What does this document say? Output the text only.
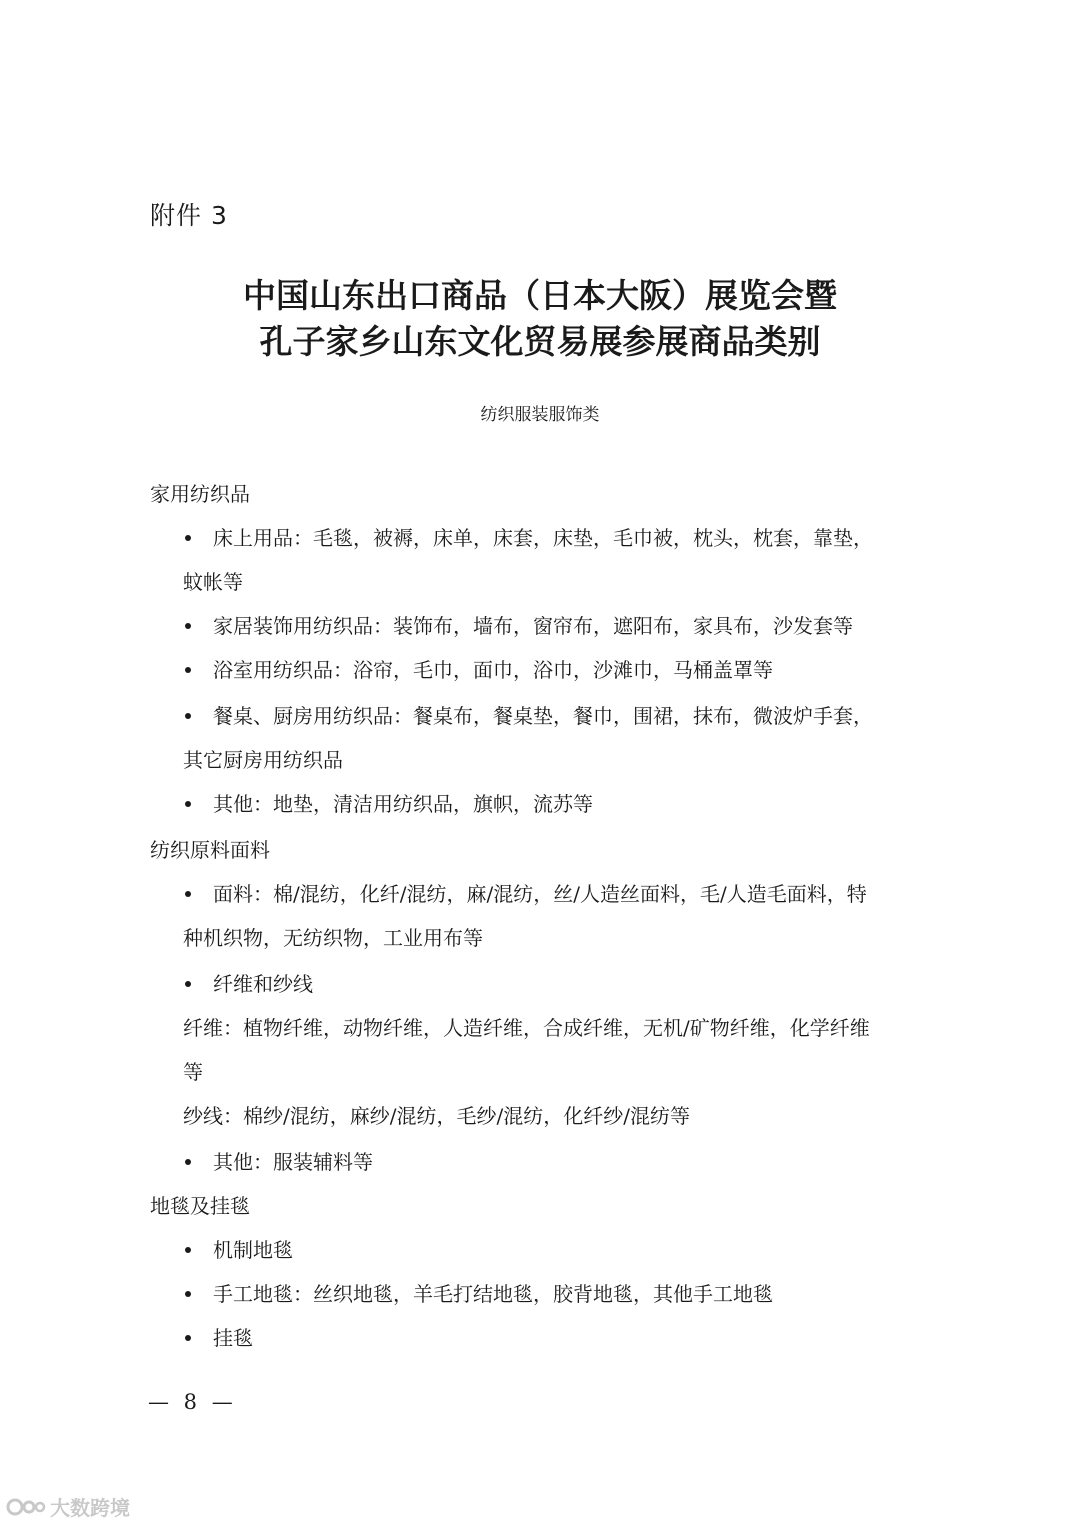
附件 3
中国山东出口商品（日本大阪）展览会暨
孔子家乡山东文化贸易展参展商品类别
纺织服装服饰类
家用纺织品
床上用品：毛毯，被褥，床单，床套，床垫，毛巾被，枕头，枕套，靠垫，
蚊帐等
家居装饰用纺织品：装饰布，墙布，窗帘布，遮阳布，家具布，沙发套等
浴室用纺织品：浴帘，毛巾，面巾，浴巾，沙滩巾，马桶盖罩等
餐桌、厨房用纺织品：餐桌布，餐桌垫，餐巾，围裙，抹布，微波炉手套，
其它厨房用纺织品
其他：地垫，清洁用纺织品，旗帜，流苏等
纺织原料面料
面料：棉/混纺，化纤/混纺，麻/混纺，丝/人造丝面料，毛/人造毛面料，特
种机织物，无纺织物，工业用布等
纤维和纱线
纤维：植物纤维，动物纤维，人造纤维，合成纤维，无机/矿物纤维，化学纤维
等
纱线：棉纱/混纺，麻纱/混纺，毛纱/混纺，化纤纱/混纺等
其他：服装辅料等
地毯及挂毯
机制地毯
手工地毯：丝织地毯，羊毛打结地毯，胶背地毯，其他手工地毯
挂毯
— 8 —
大数跨境
